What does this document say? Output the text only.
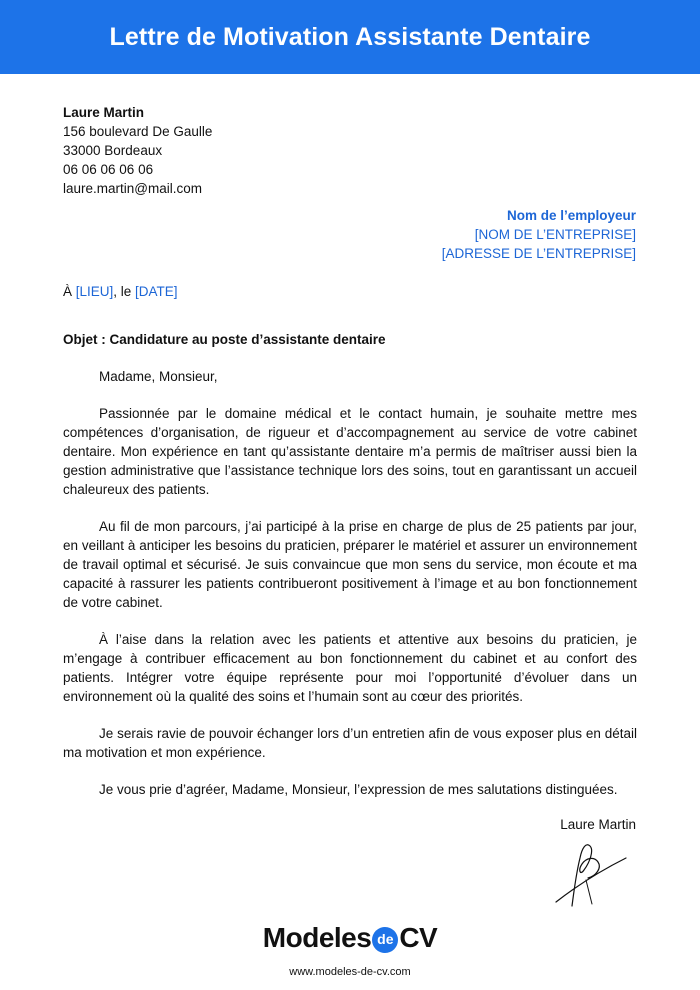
Lettre de Motivation Assistante Dentaire
Laure Martin
156 boulevard De Gaulle
33000 Bordeaux
06 06 06 06 06
laure.martin@mail.com
Nom de l’employeur
[NOM DE L’ENTREPRISE]
[ADRESSE DE L’ENTREPRISE]
À [LIEU], le [DATE]
Objet : Candidature au poste d’assistante dentaire

Madame, Monsieur,

Passionnée par le domaine médical et le contact humain, je souhaite mettre mes compétences d’organisation, de rigueur et d’accompagnement au service de votre cabinet dentaire. Mon expérience en tant qu’assistante dentaire m’a permis de maîtriser aussi bien la gestion administrative que l’assistance technique lors des soins, tout en garantissant un accueil chaleureux des patients.

Au fil de mon parcours, j’ai participé à la prise en charge de plus de 25 patients par jour, en veillant à anticiper les besoins du praticien, préparer le matériel et assurer un environnement de travail optimal et sécurisé. Je suis convaincue que mon sens du service, mon écoute et ma capacité à rassurer les patients contribueront positivement à l’image et au bon fonctionnement de votre cabinet.

À l’aise dans la relation avec les patients et attentive aux besoins du praticien, je m’engage à contribuer efficacement au bon fonctionnement du cabinet et au confort des patients. Intégrer votre équipe représente pour moi l’opportunité d’évoluer dans un environnement où la qualité des soins et l’humain sont au cœur des priorités.

Je serais ravie de pouvoir échanger lors d’un entretien afin de vous exposer plus en détail ma motivation et mon expérience.

Je vous prie d’agréer, Madame, Monsieur, l’expression de mes salutations distinguées.

Laure Martin
Modeles de CV
www.modeles-de-cv.com
